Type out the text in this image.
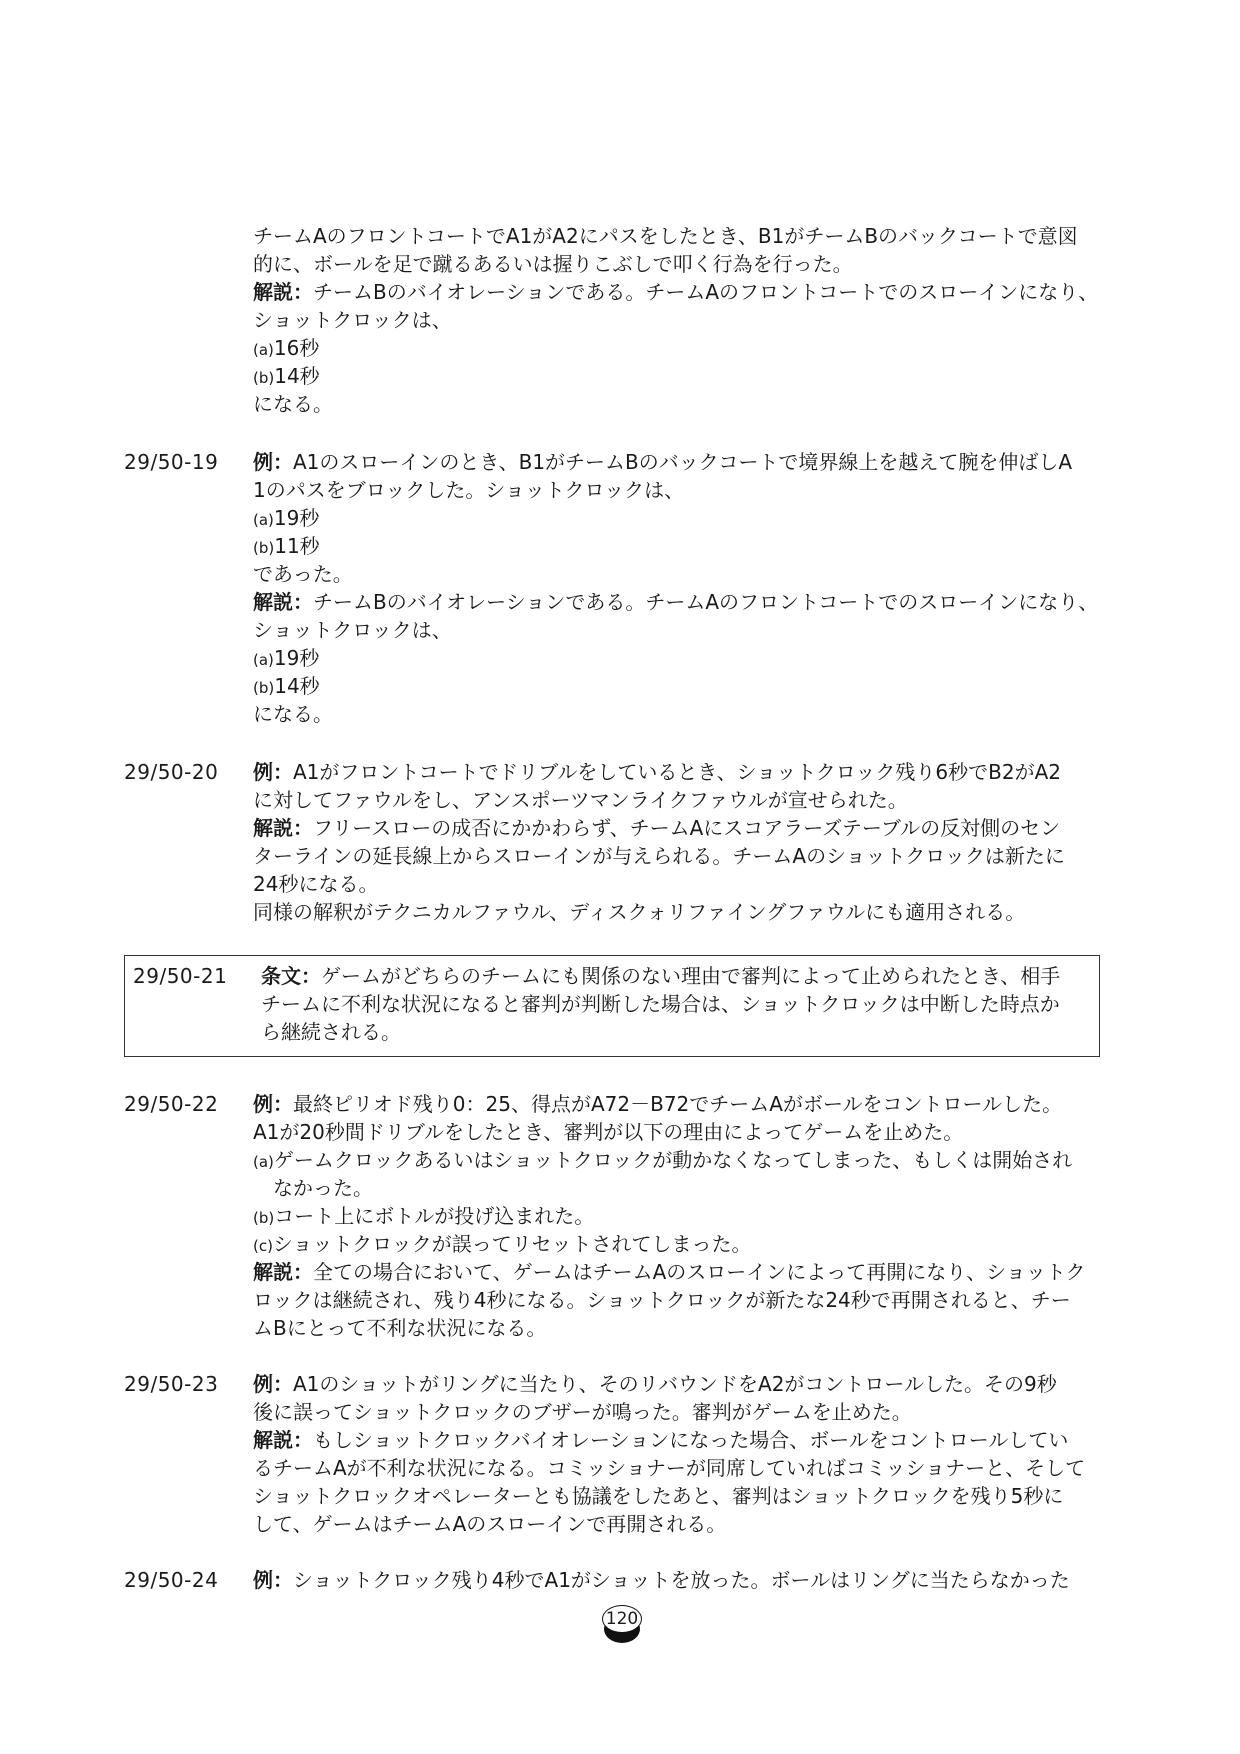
チームAのフロントコートでA1がA2にパスをしたとき、B1がチームBのバックコートで意図
的に、ボールを足で蹴るあるいは握りこぶしで叩く行為を行った。
解説：チームBのバイオレーションである。チームAのフロントコートでのスローインになり、
ショットクロックは、
(a)16秒
(b)14秒
になる。
29/50-19 例：A1のスローインのとき、B1がチームBのバックコートで境界線上を越えて腕を伸ばしA
1のパスをブロックした。ショットクロックは、
(a)19秒
(b)11秒
であった。
解説：チームBのバイオレーションである。チームAのフロントコートでのスローインになり、
ショットクロックは、
(a)19秒
(b)14秒
になる。
29/50-20 例：A1がフロントコートでドリブルをしているとき、ショットクロック残り6秒でB2がA2
に対してファウルをし、アンスポーツマンライクファウルが宣せられた。
解説：フリースローの成否にかかわらず、チームAにスコアラーズテーブルの反対側のセン
ターラインの延長線上からスローインが与えられる。チームAのショットクロックは新たに
24秒になる。
同様の解釈がテクニカルファウル、ディスクォリファイングファウルにも適用される。
29/50-21 条文：ゲームがどちらのチームにも関係のない理由で審判によって止められたとき、相手
チームに不利な状況になると審判が判断した場合は、ショットクロックは中断した時点か
ら継続される。
29/50-22 例：最終ピリオド残り0：25、得点がA72－B72でチームAがボールをコントロールした。
A1が20秒間ドリブルをしたとき、審判が以下の理由によってゲームを止めた。
(a)ゲームクロックあるいはショットクロックが動かなくなってしまった、もしくは開始され
なかった。
(b)コート上にボトルが投げ込まれた。
(c)ショットクロックが誤ってリセットされてしまった。
解説：全ての場合において、ゲームはチームAのスローインによって再開になり、ショットク
ロックは継続され、残り4秒になる。ショットクロックが新たな24秒で再開されると、チー
ムBにとって不利な状況になる。
29/50-23 例：A1のショットがリングに当たり、そのリバウンドをA2がコントロールした。その9秒
後に誤ってショットクロックのブザーが鳴った。審判がゲームを止めた。
解説：もしショットクロックバイオレーションになった場合、ボールをコントロールしてい
るチームAが不利な状況になる。コミッショナーが同席していればコミッショナーと、そして
ショットクロックオペレーターとも協議をしたあと、審判はショットクロックを残り5秒に
して、ゲームはチームAのスローインで再開される。
29/50-24 例：ショットクロック残り4秒でA1がショットを放った。ボールはリングに当たらなかった
120
